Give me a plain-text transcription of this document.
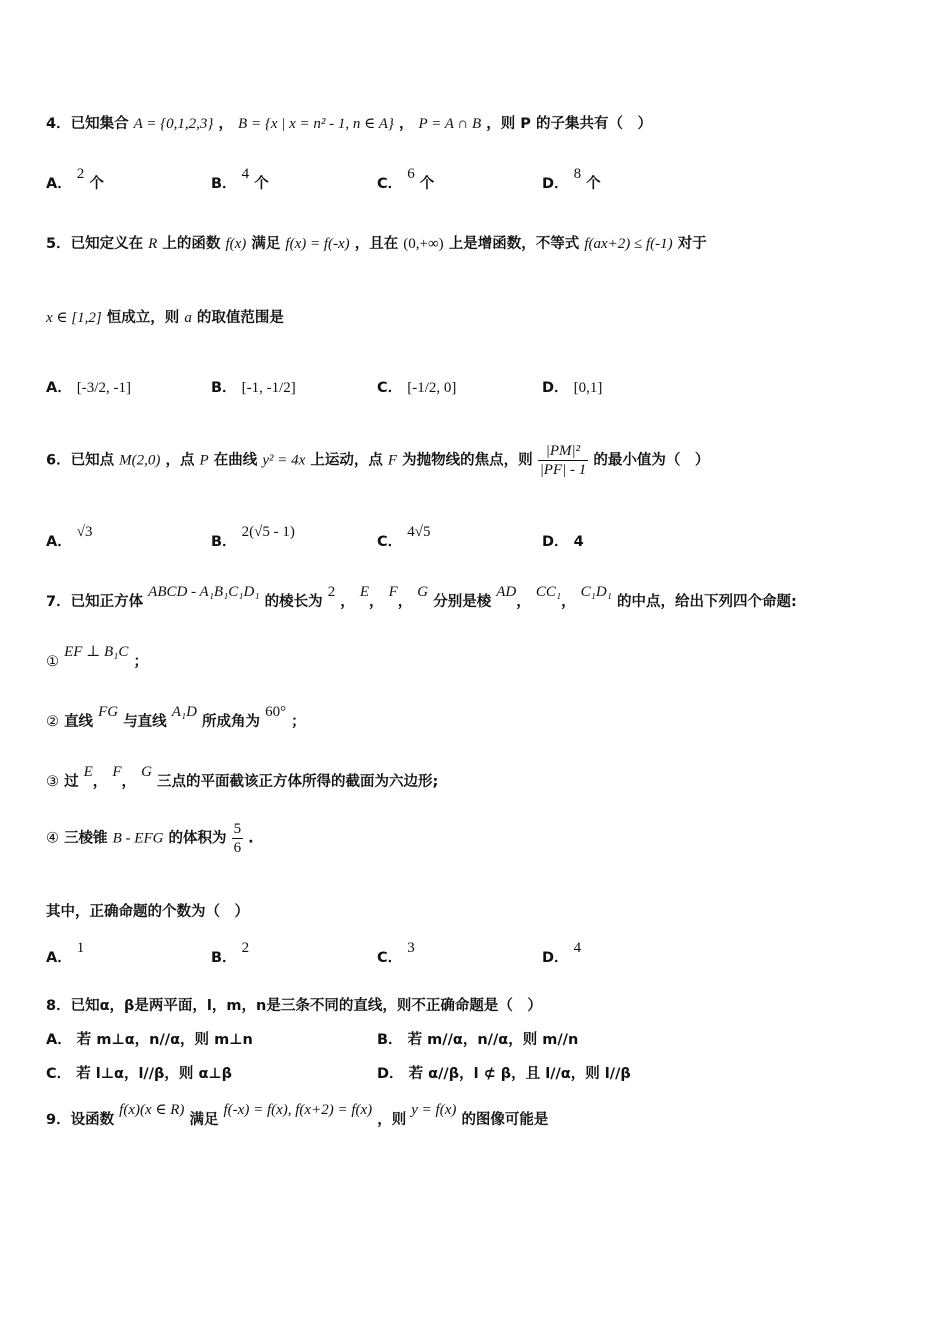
4．已知集合 A = {0,1,2,3} ， B = {x | x = n² - 1, n ∈ A} ， P = A ∩ B ，则 P 的子集共有（　）
A． 2 个	B． 4 个	C． 6 个	D． 8 个
5．已知定义在 R 上的函数 f(x) 满足 f(x) = f(-x) ，且在 (0,+∞) 上是增函数，不等式 f(ax+2) ≤ f(-1) 对于
x ∈ [1,2] 恒成立，则 a 的取值范围是
A． [-3/2, -1]	B． [-1, -1/2]	C． [-1/2, 0]	D． [0,1]
6．已知点 M(2,0) ，点 P 在曲线 y² = 4x 上运动，点 F 为抛物线的焦点，则 $\frac{\text{|PM|²}}{|PF| - 1}$ 的最小值为（　）
A． √3
B． 2(√5 - 1)
C． 4√5
D． 4
7．已知正方体 ABCD - A₁B₁C₁D₁ 的棱长为 2 ， E， F， G 分别是棱 AD， CC₁， C₁D₁ 的中点，给出下列四个命题:
① EF ⊥ B₁C ；
② 直线 FG 与直线 A₁D 所成角为 60° ；
③ 过 E， F， G 三点的平面截该正方体所得的截面为六边形;
④ 三棱锥 B - EFG 的体积为 $\frac{5}{6}$ .
其中，正确命题的个数为（　）
A． 1
B． 2
C． 3
D． 4
8．已知α，β是两平面，l，m，n是三条不同的直线，则不正确命题是（　）
A． 若 m⊥α，n//α，则 m⊥n	B． 若 m//α，n//α，则 m//n
C． 若 l⊥α，l//β，则 α⊥β	D． 若 α//β，l ⊄ β，且 l//α，则 l//β
9．设函数 f(x)(x ∈ R) 满足 f(-x) = f(x), f(x+2) = f(x) ，则 y = f(x) 的图像可能是
